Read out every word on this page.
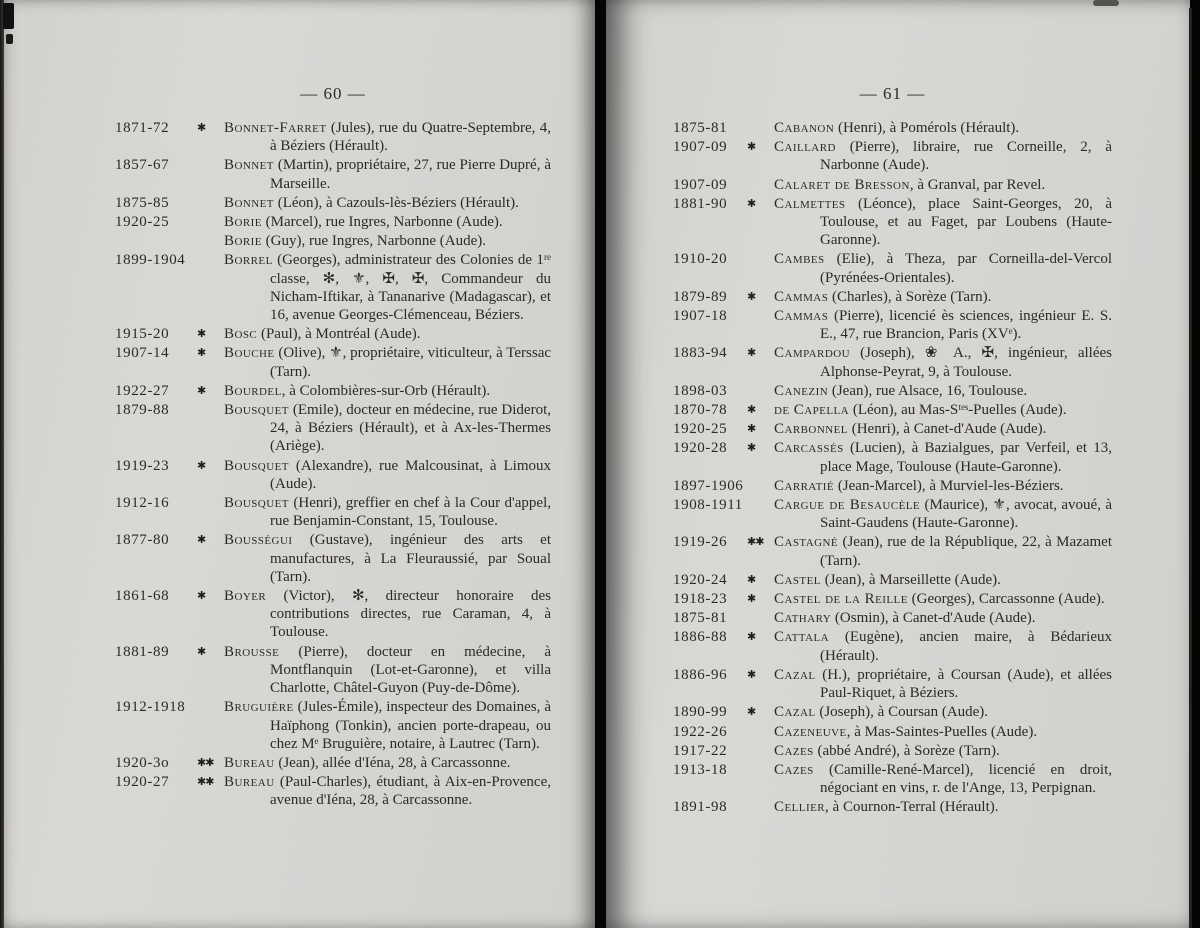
— 60 —
1871-72	✱	Bonnet-Farret (Jules), rue du Quatre-Septembre, 4, à Béziers (Hérault).
1857-67	Bonnet (Martin), propriétaire, 27, rue Pierre Dupré, à Marseille.
1875-85	Bonnet (Léon), à Cazouls-lès-Béziers (Hérault).
1920-25	Borie (Marcel), rue Ingres, Narbonne (Aude).
Borie (Guy), rue Ingres, Narbonne (Aude).
1899-1904	Borrel (Georges), administrateur des Colonies de 1ʳᵉ classe, ✻, ⚜, ✠, ✠, Commandeur du Nicham-Iftikar, à Tananarive (Madagascar), et 16, avenue Georges-Clémenceau, Béziers.
1915-20	✱	Bosc (Paul), à Montréal (Aude).
1907-14	✱	Bouche (Olive), ⚜, propriétaire, viticulteur, à Terssac (Tarn).
1922-27	✱	Bourdel, à Colombières-sur-Orb (Hérault).
1879-88	Bousquet (Emile), docteur en médecine, rue Diderot, 24, à Béziers (Hérault), et à Ax-les-Thermes (Ariège).
1919-23	✱	Bousquet (Alexandre), rue Malcousinat, à Limoux (Aude).
1912-16	Bousquet (Henri), greffier en chef à la Cour d'appel, rue Benjamin-Constant, 15, Toulouse.
1877-80	✱	Bousségui (Gustave), ingénieur des arts et manufactures, à La Fleuraussié, par Soual (Tarn).
1861-68	✱	Boyer (Victor), ✻, directeur honoraire des contributions directes, rue Caraman, 4, à Toulouse.
1881-89	✱	Brousse (Pierre), docteur en médecine, à Montflanquin (Lot-et-Garonne), et villa Charlotte, Châtel-Guyon (Puy-de-Dôme).
1912-1918	Bruguière (Jules-Émile), inspecteur des Domaines, à Haïphong (Tonkin), ancien porte-drapeau, ou chez Mᵉ Bruguière, notaire, à Lautrec (Tarn).
1920-3o	✱✱ Bureau (Jean), allée d'Iéna, 28, à Carcassonne.
1920-27	✱✱ Bureau (Paul-Charles), étudiant, à Aix-en-Provence, avenue d'Iéna, 28, à Carcassonne.
— 61 —
1875-81	Cabanon (Henri), à Pomérols (Hérault).
1907-09	✱	Caillard (Pierre), libraire, rue Corneille, 2, à Narbonne (Aude).
1907-09	Calaret de Bresson, à Granval, par Revel.
1881-90	✱	Calmettes (Léonce), place Saint-Georges, 20, à Toulouse, et au Faget, par Loubens (Haute-Garonne).
1910-20	Cambes (Elie), à Theza, par Corneilla-del-Vercol (Pyrénées-Orientales).
1879-89	✱	Cammas (Charles), à Sorèze (Tarn).
1907-18	Cammas (Pierre), licencié ès sciences, ingénieur E. S. E., 47, rue Brancion, Paris (XVᵉ).
1883-94	✱	Campardou (Joseph), ❀ A., ✠, ingénieur, allées Alphonse-Peyrat, 9, à Toulouse.
1898-03	Canezin (Jean), rue Alsace, 16, Toulouse.
1870-78	✱	de Capella (Léon), au Mas-Sᵗᵉˢ-Puelles (Aude).
1920-25	✱	Carbonnel (Henri), à Canet-d'Aude (Aude).
1920-28	✱	Carcassés (Lucien), à Bazialgues, par Verfeil, et 13, place Mage, Toulouse (Haute-Garonne).
1897-1906 Carratié (Jean-Marcel), à Murviel-les-Béziers.
1908-1911 Cargue de Besaucèle (Maurice), ⚜, avocat, avoué, à Saint-Gaudens (Haute-Garonne).
1919-26	✱✱ Castagné (Jean), rue de la République, 22, à Mazamet (Tarn).
1920-24	✱	Castel (Jean), à Marseillette (Aude).
1918-23	✱	Castel de la Reille (Georges), Carcassonne (Aude).
1875-81	Cathary (Osmin), à Canet-d'Aude (Aude).
1886-88	✱	Cattala (Eugène), ancien maire, à Bédarieux (Hérault).
1886-96	✱	Cazal (H.), propriétaire, à Coursan (Aude), et allées Paul-Riquet, à Béziers.
1890-99	✱	Cazal (Joseph), à Coursan (Aude).
1922-26	Cazeneuve, à Mas-Saintes-Puelles (Aude).
1917-22	Cazes (abbé André), à Sorèze (Tarn).
1913-18	Cazes (Camille-René-Marcel), licencié en droit, négociant en vins, r. de l'Ange, 13, Perpignan.
1891-98	Cellier, à Cournon-Terral (Hérault).
